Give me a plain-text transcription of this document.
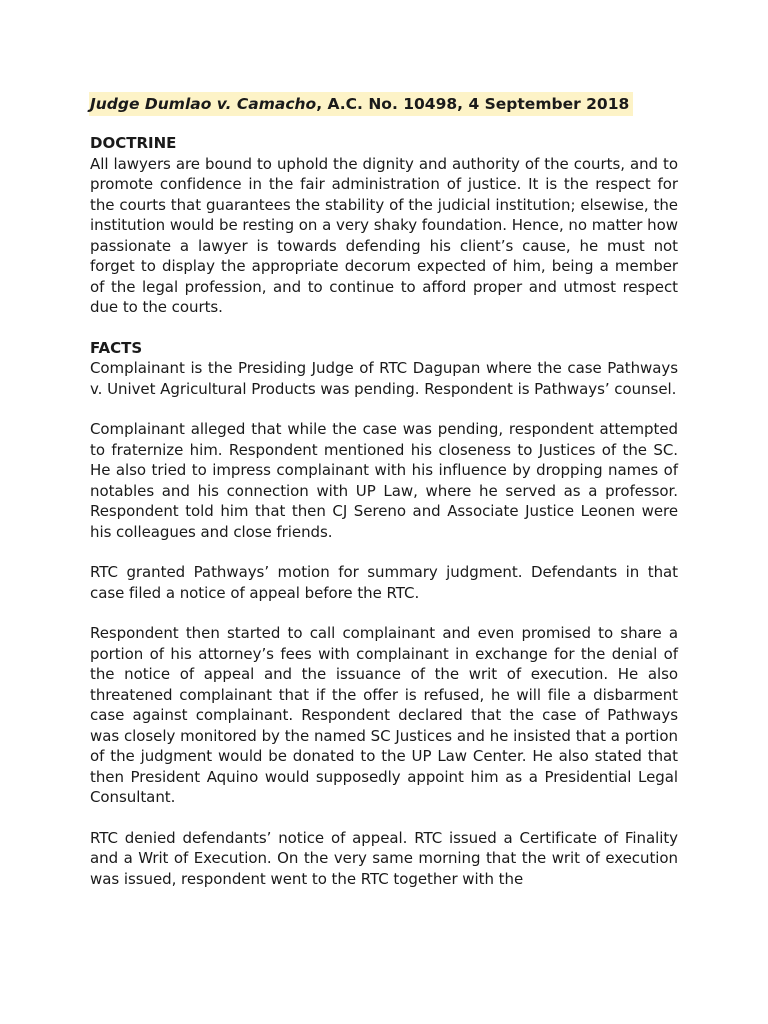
Judge Dumlao v. Camacho, A.C. No. 10498, 4 September 2018

DOCTRINE

All lawyers are bound to uphold the dignity and authority of the courts, and to promote confidence in the fair administration of justice. It is the respect for the courts that guarantees the stability of the judicial institution; elsewise, the institution would be resting on a very shaky foundation. Hence, no matter how passionate a lawyer is towards defending his client’s cause, he must not forget to display the appropriate decorum expected of him, being a member of the legal profession, and to continue to afford proper and utmost respect due to the courts.

FACTS

Complainant is the Presiding Judge of RTC Dagupan where the case Pathways v. Univet Agricultural Products was pending. Respondent is Pathways’ counsel.

Complainant alleged that while the case was pending, respondent attempted to fraternize him. Respondent mentioned his closeness to Justices of the SC. He also tried to impress complainant with his influence by dropping names of notables and his connection with UP Law, where he served as a professor. Respondent told him that then CJ Sereno and Associate Justice Leonen were his colleagues and close friends.

RTC granted Pathways’ motion for summary judgment. Defendants in that case filed a notice of appeal before the RTC.

Respondent then started to call complainant and even promised to share a portion of his attorney’s fees with complainant in exchange for the denial of the notice of appeal and the issuance of the writ of execution. He also threatened complainant that if the offer is refused, he will file a disbarment case against complainant. Respondent declared that the case of Pathways was closely monitored by the named SC Justices and he insisted that a portion of the judgment would be donated to the UP Law Center. He also stated that then President Aquino would supposedly appoint him as a Presidential Legal Consultant.

RTC denied defendants’ notice of appeal. RTC issued a Certificate of Finality and a Writ of Execution. On the very same morning that the writ of execution was issued, respondent went to the RTC together with the
